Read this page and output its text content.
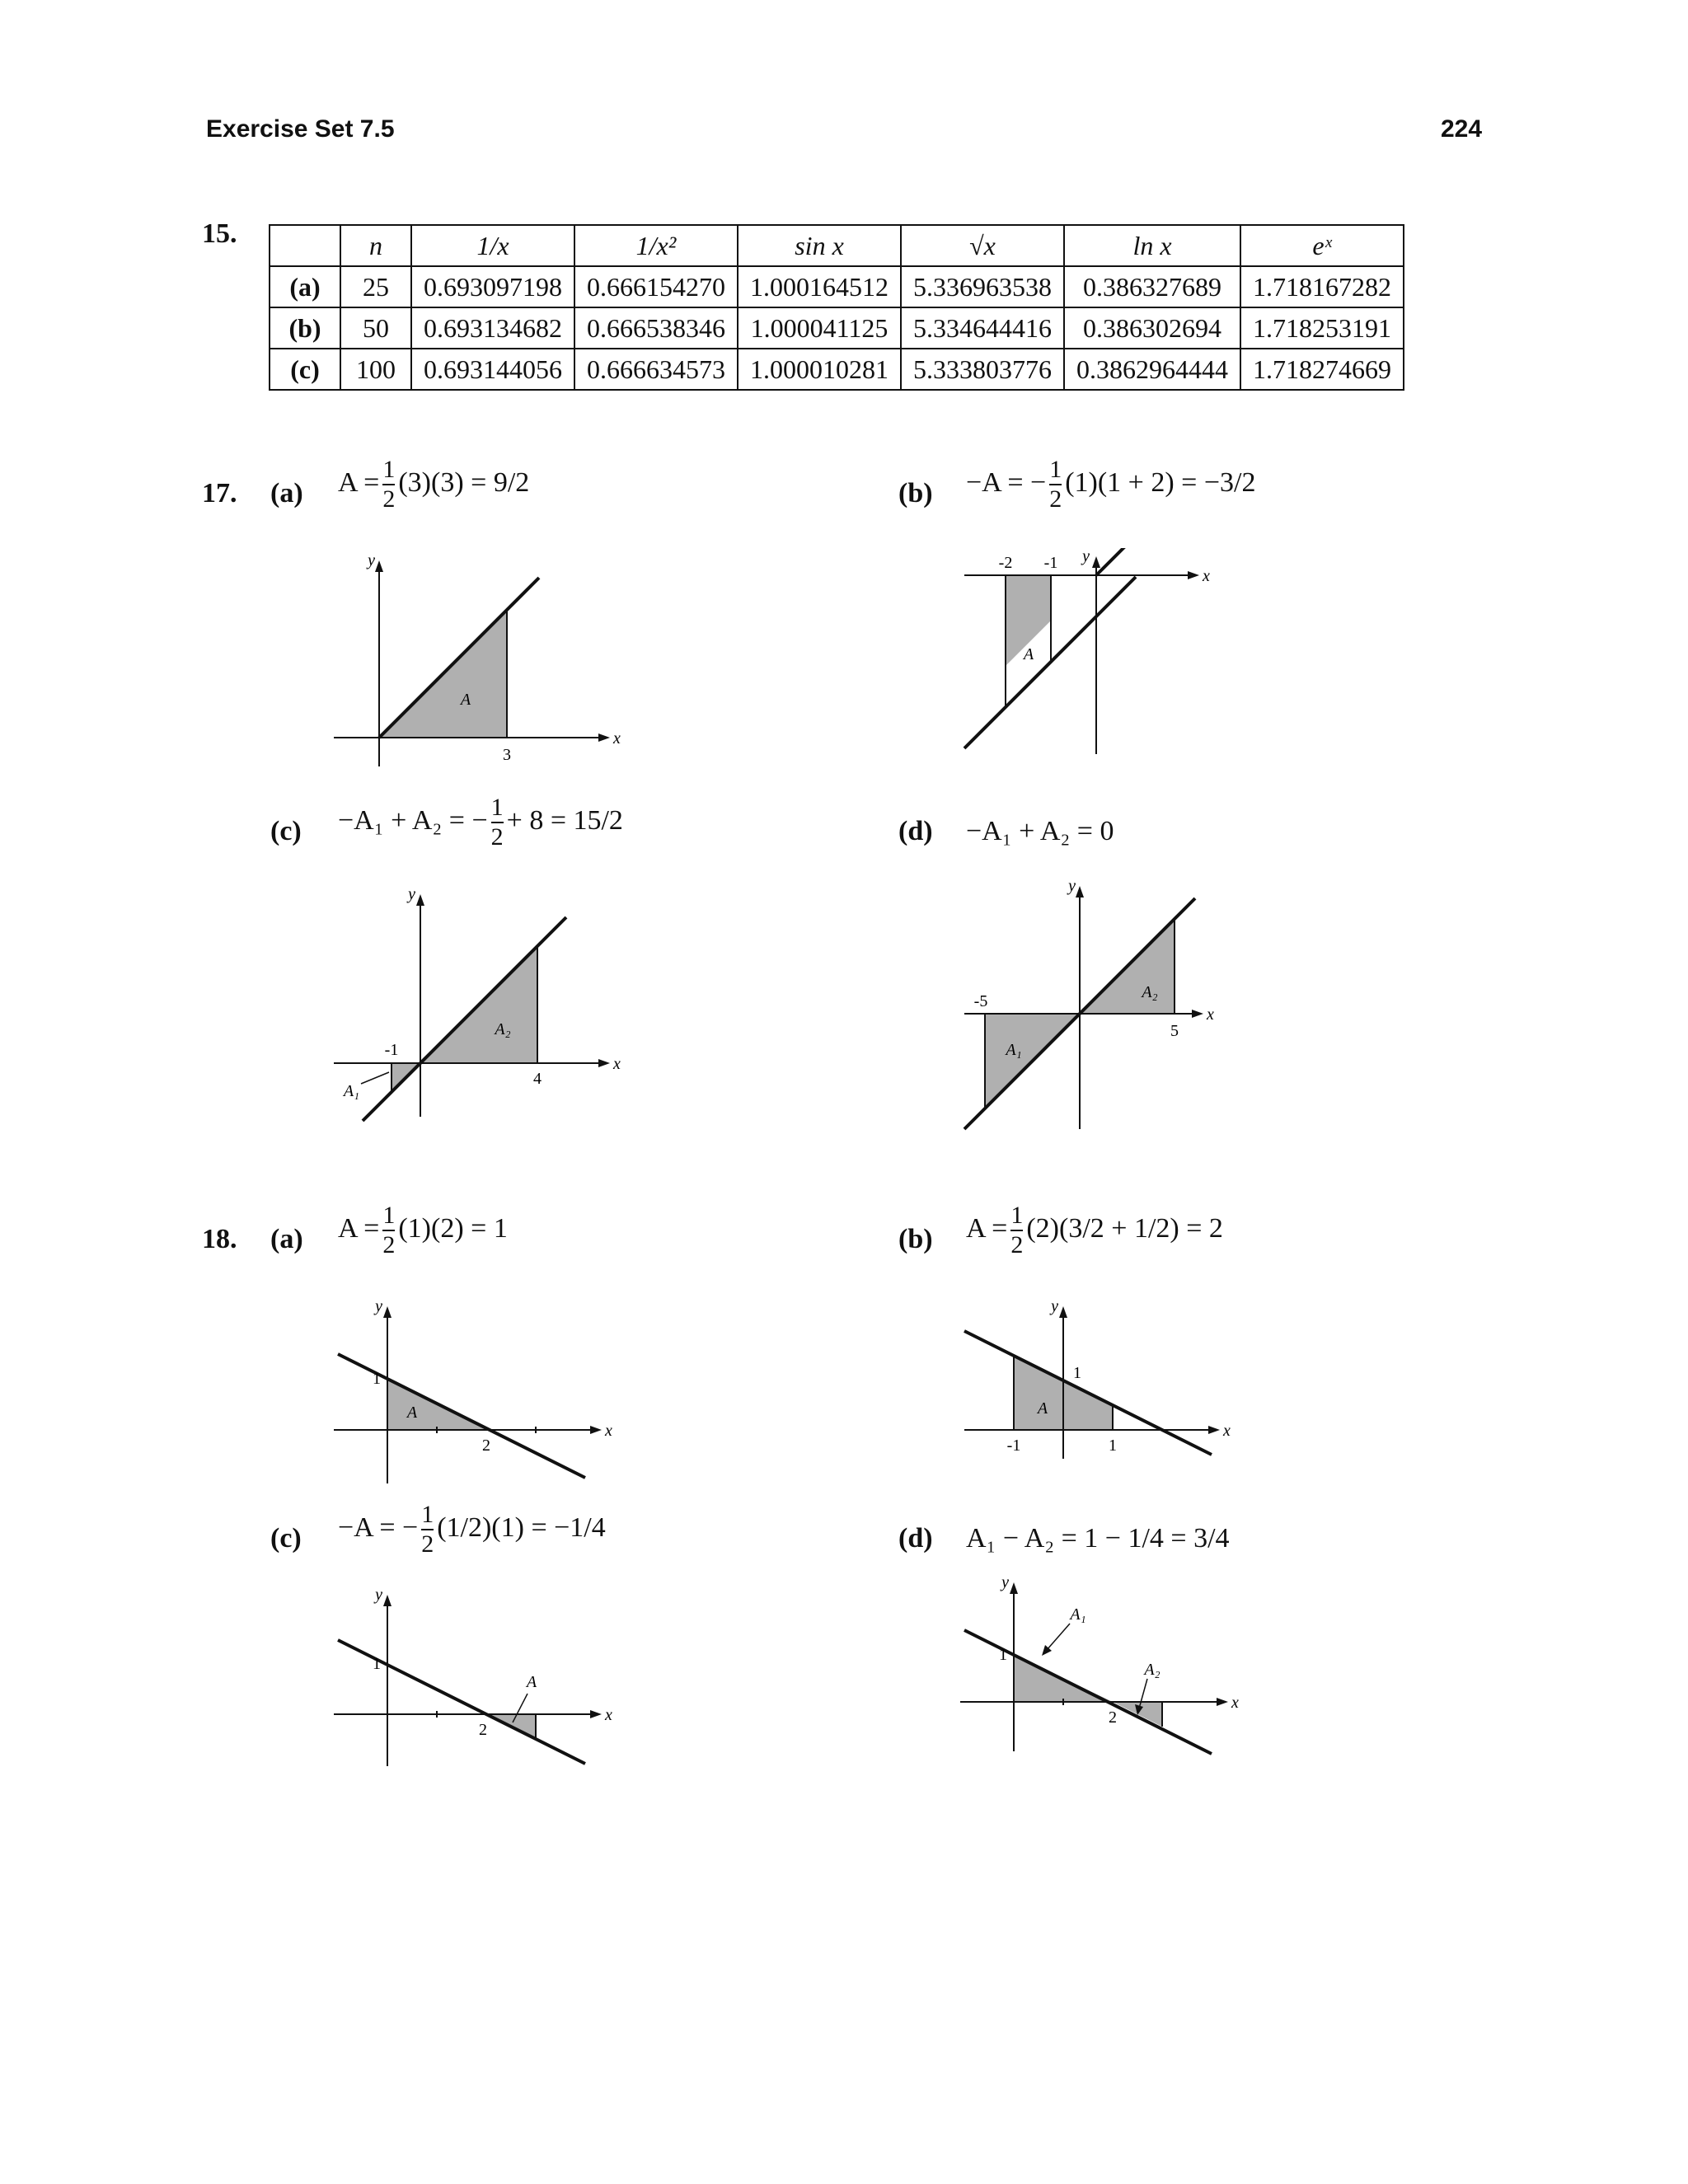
Exercise Set 7.5	224
15.
		n	1/x	1/x²	sin x	√x	ln x	eˣ
(a)	25	0.693097198	0.666154270	1.000164512	5.336963538	0.386327689	1.718167282
(b)	50	0.693134682	0.666538346	1.000041125	5.334644416	0.386302694	1.718253191
(c)	100	0.693144056	0.666634573	1.000010281	5.333803776	0.3862964444	1.718274669
17. (a) $A = \frac{1}{2} (3)(3) = 9/2$
y
x
3
A
(b) −A = − $\frac{1}{2} (1)(1 + 2) = -3/2$
y
x
-2 -1
A
(c) −A₁ + A₂ = − $\frac{1}{2} + 8 = 15/2$
y
x
-1
4
A₁
A₂
(d) −A₁ + A₂ = 0
y
x
-5
5
A₁
A₂
18. (a) $A = \frac{1}{2} (1)(2) = 1$
y
x
1
2
A
(b) $A = \frac{1}{2} (2)(3/2 + 1/2) = 2$
y
x
1
-1	1
A
(c) −A = − $\frac{1}{2} (1/2)(1) = -1/4$
y
x
1
2
A
(d) A₁ − A₂ = 1 − 1/4 = 3/4
y
x
1
2
A₁
A₂
